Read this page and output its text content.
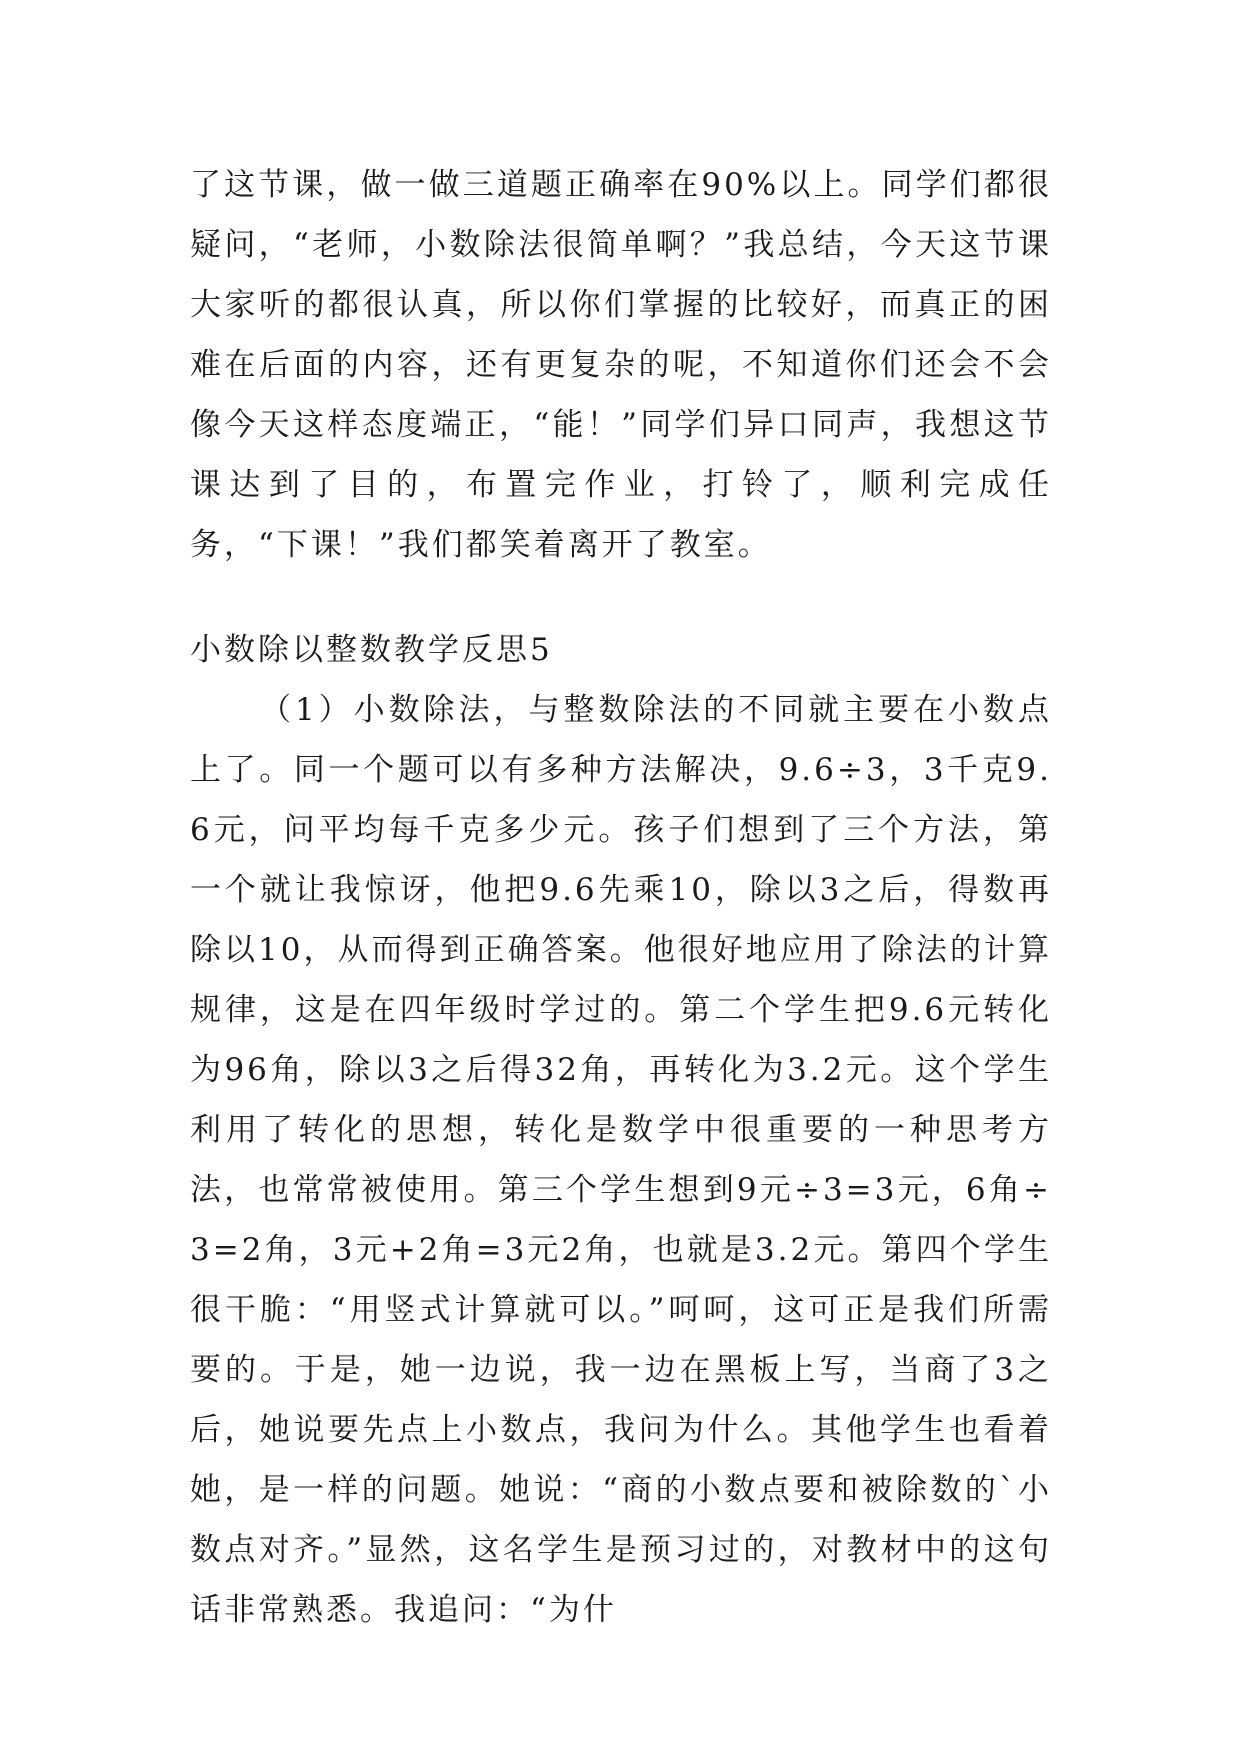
了这节课，做一做三道题正确率在90%以上。同学们都很疑问，“老师，小数除法很简单啊？”我总结，今天这节课大家听的都很认真，所以你们掌握的比较好，而真正的困难在后面的内容，还有更复杂的呢，不知道你们还会不会像今天这样态度端正，“能！”同学们异口同声，我想这节课达到了目的，布置完作业，打铃了，顺利完成任务，“下课！”我们都笑着离开了教室。

小数除以整数教学反思5

（1）小数除法，与整数除法的不同就主要在小数点上了。同一个题可以有多种方法解决，9.6÷3，3千克9.6元，问平均每千克多少元。孩子们想到了三个方法，第一个就让我惊讶，他把9.6先乘10，除以3之后，得数再除以10，从而得到正确答案。他很好地应用了除法的计算规律，这是在四年级时学过的。第二个学生把9.6元转化为96角，除以3之后得32角，再转化为3.2元。这个学生利用了转化的思想，转化是数学中很重要的一种思考方法，也常常被使用。第三个学生想到9元÷3=3元，6角÷3=2角，3元+2角=3元2角，也就是3.2元。第四个学生很干脆：“用竖式计算就可以。”呵呵，这可正是我们所需要的。于是，她一边说，我一边在黑板上写，当商了3之后，她说要先点上小数点，我问为什么。其他学生也看着她，是一样的问题。她说：“商的小数点要和被除数的`小数点对齐。”显然，这名学生是预习过的，对教材中的这句话非常熟悉。我追问：“为什
